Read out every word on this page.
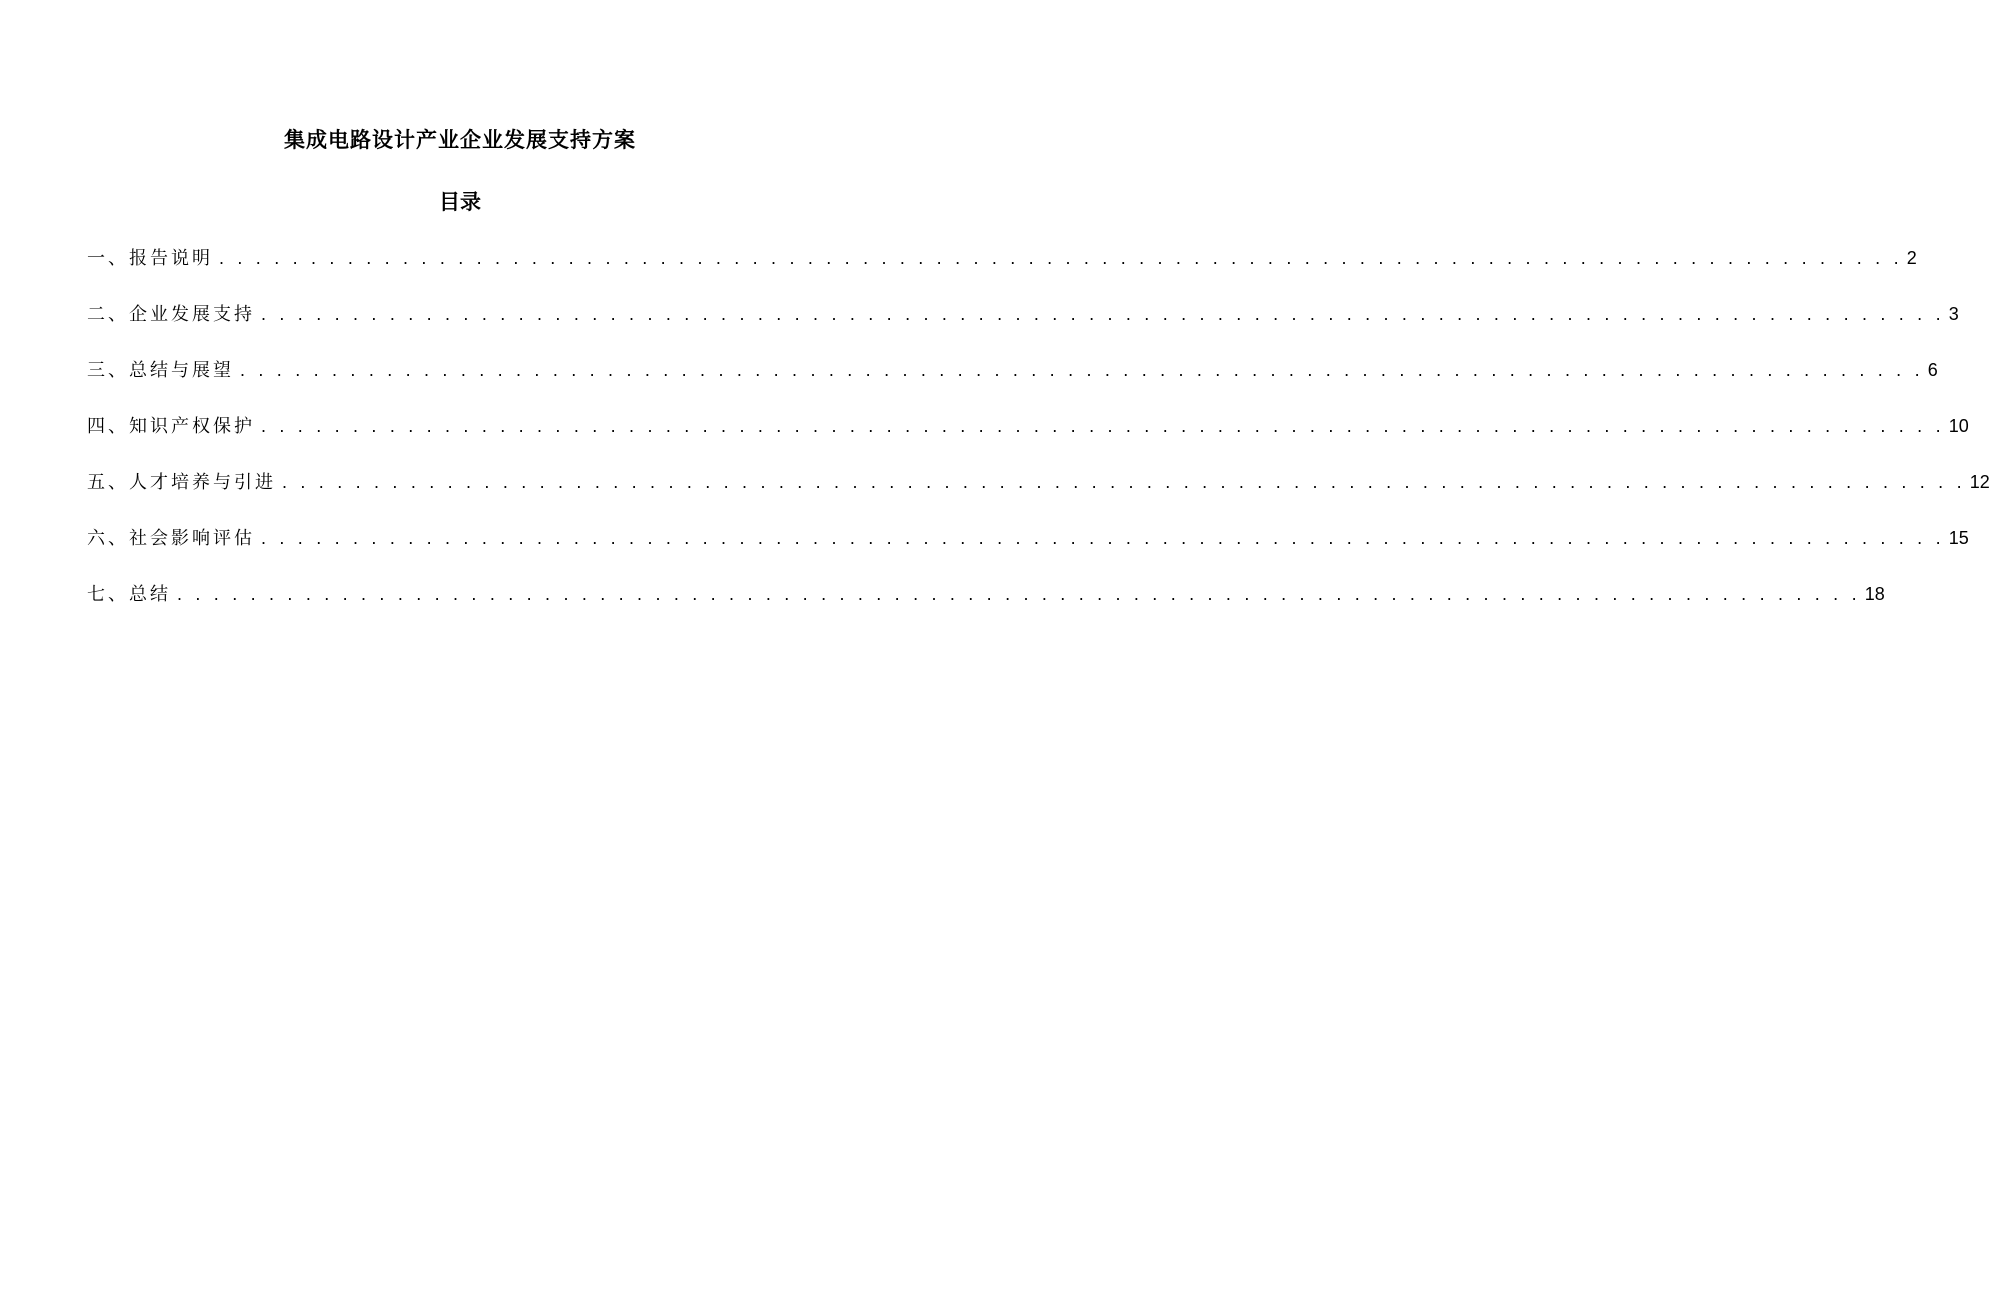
集成电路设计产业企业发展支持方案
目录
一、报告说明 . . . . . . . . . . . . . . . . . . . . . . . . . . . . . . . . . . . . . . . . . . . . . . . . . . . . . . . . . . . . . . . . . . . . . . . . . . . . . . . . . . . . . . . . . . . . 2
二、企业发展支持 . . . . . . . . . . . . . . . . . . . . . . . . . . . . . . . . . . . . . . . . . . . . . . . . . . . . . . . . . . . . . . . . . . . . . . . . . . . . . . . . . . . . . . . . . . . . 3
三、总结与展望 . . . . . . . . . . . . . . . . . . . . . . . . . . . . . . . . . . . . . . . . . . . . . . . . . . . . . . . . . . . . . . . . . . . . . . . . . . . . . . . . . . . . . . . . . . . . 6
四、知识产权保护 . . . . . . . . . . . . . . . . . . . . . . . . . . . . . . . . . . . . . . . . . . . . . . . . . . . . . . . . . . . . . . . . . . . . . . . . . . . . . . . . . . . . . . . . . . . . 10
五、人才培养与引进 . . . . . . . . . . . . . . . . . . . . . . . . . . . . . . . . . . . . . . . . . . . . . . . . . . . . . . . . . . . . . . . . . . . . . . . . . . . . . . . . . . . . . . . . . . . . 12
六、社会影响评估 . . . . . . . . . . . . . . . . . . . . . . . . . . . . . . . . . . . . . . . . . . . . . . . . . . . . . . . . . . . . . . . . . . . . . . . . . . . . . . . . . . . . . . . . . . . . 15
七、总结 . . . . . . . . . . . . . . . . . . . . . . . . . . . . . . . . . . . . . . . . . . . . . . . . . . . . . . . . . . . . . . . . . . . . . . . . . . . . . . . . . . . . . . . . . . . . 18
